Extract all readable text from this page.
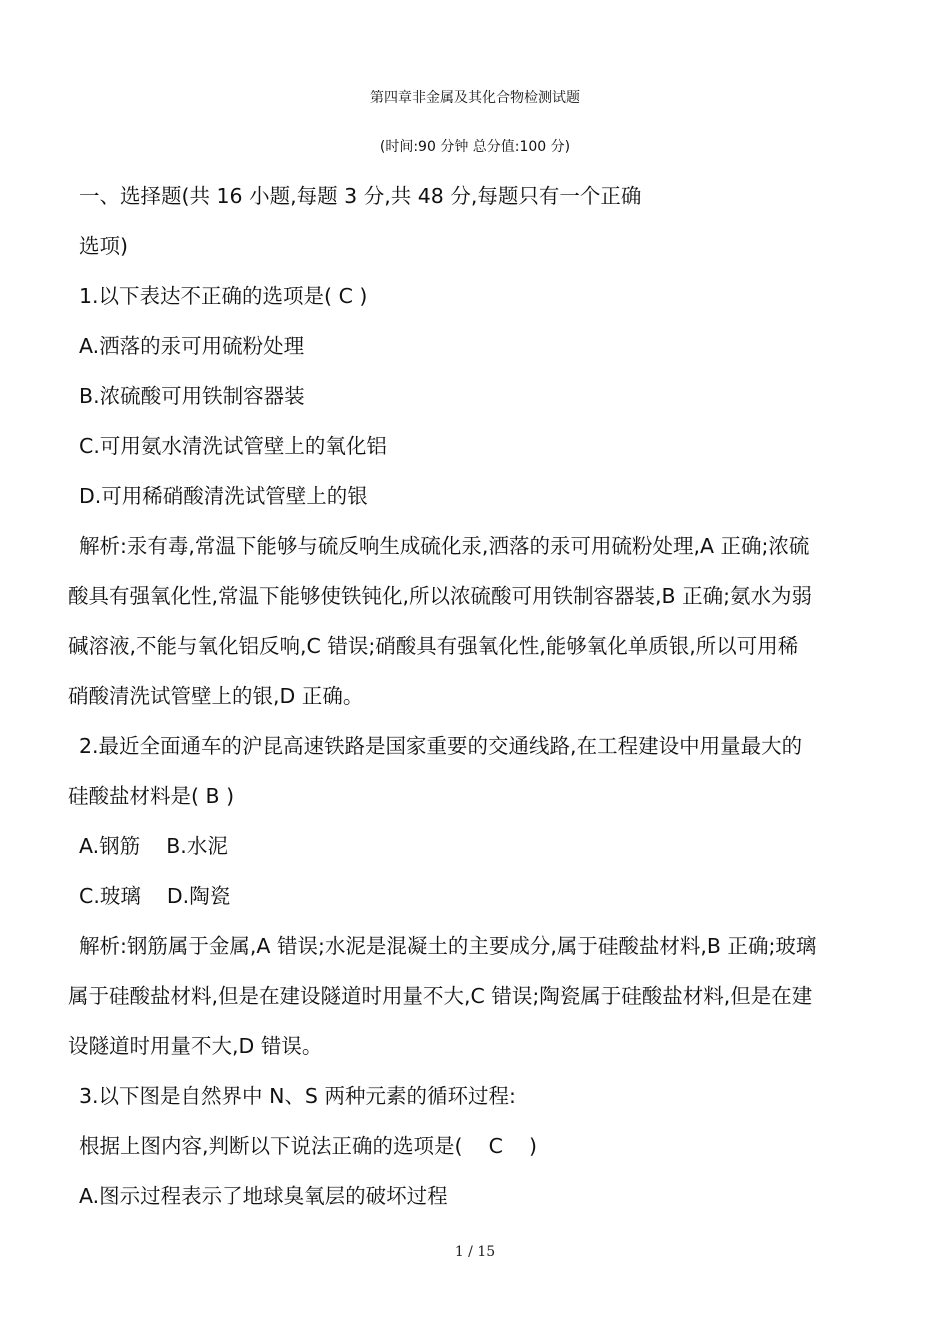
第四章非金属及其化合物检测试题
(时间:90 分钟 总分值:100 分)
一、选择题(共 16 小题,每题 3 分,共 48 分,每题只有一个正确
选项)
1.以下表达不正确的选项是( C )
A.洒落的汞可用硫粉处理
B.浓硫酸可用铁制容器装
C.可用氨水清洗试管壁上的氧化铝
D.可用稀硝酸清洗试管壁上的银
解析:汞有毒,常温下能够与硫反响生成硫化汞,洒落的汞可用硫粉处理,A 正确;浓硫
酸具有强氧化性,常温下能够使铁钝化,所以浓硫酸可用铁制容器装,B 正确;氨水为弱
碱溶液,不能与氧化铝反响,C 错误;硝酸具有强氧化性,能够氧化单质银,所以可用稀
硝酸清洗试管壁上的银,D 正确。
2.最近全面通车的沪昆高速铁路是国家重要的交通线路,在工程建设中用量最大的
硅酸盐材料是( B )
A.钢筋    B.水泥
C.玻璃    D.陶瓷
解析:钢筋属于金属,A 错误;水泥是混凝土的主要成分,属于硅酸盐材料,B 正确;玻璃
属于硅酸盐材料,但是在建设隧道时用量不大,C 错误;陶瓷属于硅酸盐材料,但是在建
设隧道时用量不大,D 错误。
3.以下图是自然界中 N、S 两种元素的循环过程:
根据上图内容,判断以下说法正确的选项是(    C    )
A.图示过程表示了地球臭氧层的破坏过程
1 / 15
